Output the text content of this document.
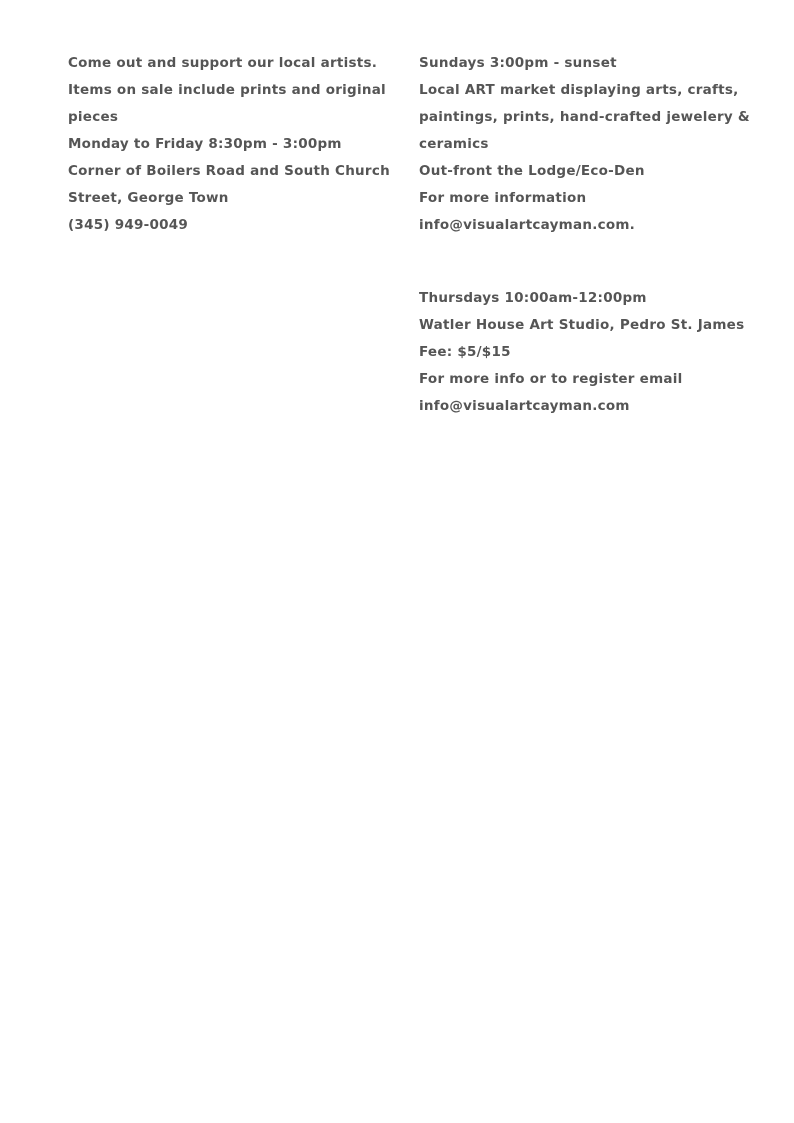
Come out and support our local artists.
Items on sale include prints and original
pieces
Monday to Friday 8:30pm - 3:00pm
Corner of Boilers Road and South Church
Street, George Town
(345) 949-0049
Sundays 3:00pm - sunset
Local ART market displaying arts, crafts,
paintings, prints, hand-crafted jewelery &
ceramics
Out-front the Lodge/Eco-Den
For more information
info@visualartcayman.com.
Thursdays 10:00am-12:00pm
Watler House Art Studio, Pedro St. James
Fee: $5/$15
For more info or to register email
info@visualartcayman.com
